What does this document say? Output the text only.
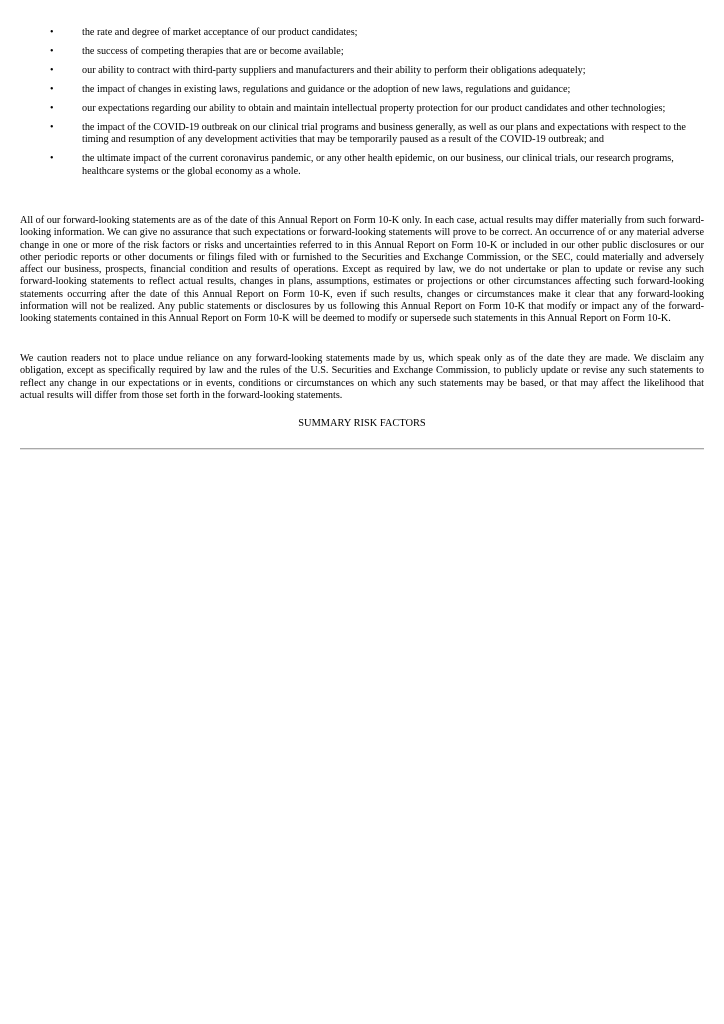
•	the rate and degree of market acceptance of our product candidates;
•	the success of competing therapies that are or become available;
•	our ability to contract with third-party suppliers and manufacturers and their ability to perform their obligations adequately;
•	the impact of changes in existing laws, regulations and guidance or the adoption of new laws, regulations and guidance;
•	our expectations regarding our ability to obtain and maintain intellectual property protection for our product candidates and other technologies;
•	the impact of the COVID-19 outbreak on our clinical trial programs and business generally, as well as our plans and expectations with respect to the timing and resumption of any development activities that may be temporarily paused as a result of the COVID-19 outbreak; and
•	the ultimate impact of the current coronavirus pandemic, or any other health epidemic, on our business, our clinical trials, our research programs, healthcare systems or the global economy as a whole.

All of our forward-looking statements are as of the date of this Annual Report on Form 10-K only. In each case, actual results may differ materially from such forward-looking information. We can give no assurance that such expectations or forward-looking statements will prove to be correct. An occurrence of or any material adverse change in one or more of the risk factors or risks and uncertainties referred to in this Annual Report on Form 10-K or included in our other public disclosures or our other periodic reports or other documents or filings filed with or furnished to the Securities and Exchange Commission, or the SEC, could materially and adversely affect our business, prospects, financial condition and results of operations. Except as required by law, we do not undertake or plan to update or revise any such forward-looking statements to reflect actual results, changes in plans, assumptions, estimates or projections or other circumstances affecting such forward-looking statements occurring after the date of this Annual Report on Form 10-K, even if such results, changes or circumstances make it clear that any forward-looking information will not be realized. Any public statements or disclosures by us following this Annual Report on Form 10-K that modify or impact any of the forward-looking statements contained in this Annual Report on Form 10-K will be deemed to modify or supersede such statements in this Annual Report on Form 10-K.

We caution readers not to place undue reliance on any forward-looking statements made by us, which speak only as of the date they are made. We disclaim any obligation, except as specifically required by law and the rules of the U.S. Securities and Exchange Commission, to publicly update or revise any such statements to reflect any change in our expectations or in events, conditions or circumstances on which any such statements may be based, or that may affect the likelihood that actual results will differ from those set forth in the forward-looking statements.

SUMMARY RISK FACTORS
